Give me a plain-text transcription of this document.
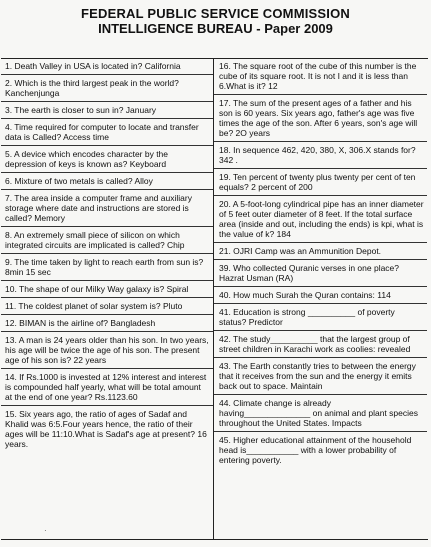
FEDERAL PUBLIC SERVICE COMMISSION
INTELLIGENCE BUREAU - Paper 2009

1. Death Valley in USA is located in? California

2. Which is the third largest peak in the world? Kanchenjunga

3. The earth is closer to sun in? January

4. Time required for computer to locate and transfer data is Called? Access time

5. A device which encodes character by the depression of keys is known as? Keyboard

6. Mixture of two metals is called? Alloy

7. The area inside a computer frame and auxiliary storage where date and instructions are stored is called? Memory

8. An extremely small piece of silicon on which integrated circuits are implicated is called? Chip

9. The time taken by light to reach earth from sun is? 8min 15 sec

10. The shape of our Milky Way galaxy is? Spiral

11. The coldest planet of solar system is? Pluto

12. BIMAN is the airline of? Bangladesh

13. A man is 24 years older than his son. In two years, his age will be twice the age of his son. The present age of his son is? 22 years

14. If Rs.1000 is invested at 12% interest and interest is compounded half yearly, what will be total amount at the end of one year? Rs.1123.60

15. Six years ago, the ratio of ages of Sadaf and Khalid was 6:5.Four years hence, the ratio of their ages will be 11:10.What is Sadaf's age at present? 16 years.

16. The square root of the cube of this number is the cube of its square root. It is not I and it is less than 6.What is it? 12

17. The sum of the present ages of a father and his son is 60 years. Six years ago, father's age was five times the age of the son. After 6 years, son's age will be? 2O years

18. In sequence 462, 420, 380, X, 306.X stands for?342 .

19. Ten percent of twenty plus twenty per cent of ten equals? 2 percent of 200

20. A 5-foot-long cylindrical pipe has an inner diameter of 5 feet outer diameter of 8 feet. If the total surface area (inside and out, including the ends) is kpi, what is the value of k? 184

21. OJRI Camp was an Ammunition Depot.

39. Who collected Quranic verses in one place? Hazrat Usman (RA)

40. How much Surah the Quran contains: 114

41. Education is strong __________ of poverty status? Predictor

42. The study__________ that the largest group of street children in Karachi work as coolies: revealed

43. The Earth constantly tries to between the energy that it receives from the sun and the energy it emits back out to space. Maintain

44. Climate change is already having______________ on animal and plant species throughout the United States. Impacts

45. Higher educational attainment of the household head is___________ with a lower probability of entering poverty.

·
